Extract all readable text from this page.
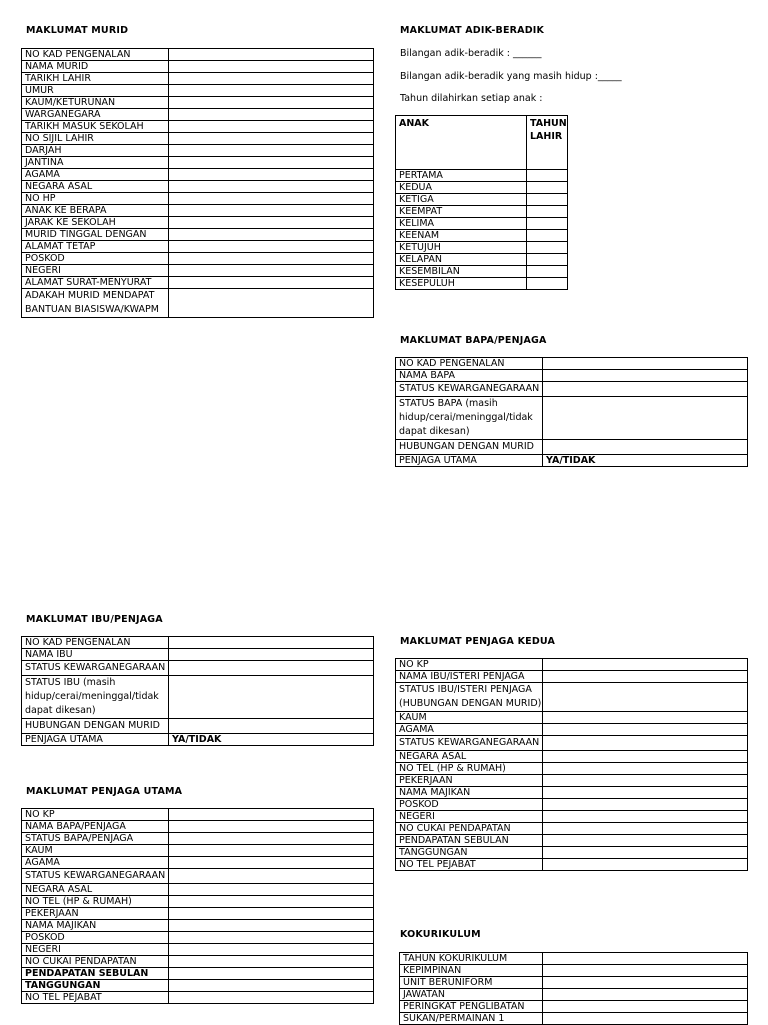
MAKLUMAT MURID
NO KAD PENGENALAN	
NAMA MURID	
TARIKH LAHIR	
UMUR	
KAUM/KETURUNAN	
WARGANEGARA	
TARIKH MASUK SEKOLAH	
NO SIJIL LAHIR	
DARJAH	
JANTINA	
AGAMA	
NEGARA ASAL	
NO HP	
ANAK KE BERAPA	
JARAK KE SEKOLAH	
MURID TINGGAL DENGAN	
ALAMAT TETAP	
POSKOD	
NEGERI	
ALAMAT SURAT-MENYURAT	
ADAKAH MURID MENDAPAT BANTUAN BIASISWA/KWAPM	
MAKLUMAT ADIK-BERADIK

Bilangan adik-beradik : ______

Bilangan adik-beradik yang masih hidup :_____

Tahun dilahirkan setiap anak :

ANAK	TAHUN LAHIR
PERTAMA	
KEDUA	
KETIGA	
KEEMPAT	
KELIMA	
KEENAM	
KETUJUH	
KELAPAN	
KESEMBILAN	
KESEPULUH	
MAKLUMAT BAPA/PENJAGA
NO KAD PENGENALAN	
NAMA BAPA	
STATUS KEWARGANEGARAAN	
STATUS BAPA (masih hidup/cerai/meninggal/tidak dapat dikesan)	
HUBUNGAN DENGAN MURID	
PENJAGA UTAMA	YA/TIDAK
MAKLUMAT IBU/PENJAGA
NO KAD PENGENALAN	
NAMA IBU	
STATUS KEWARGANEGARAAN	
STATUS IBU (masih hidup/cerai/meninggal/tidak dapat dikesan)	
HUBUNGAN DENGAN MURID	
PENJAGA UTAMA	YA/TIDAK
MAKLUMAT PENJAGA UTAMA
NO KP	
NAMA BAPA/PENJAGA	
STATUS BAPA/PENJAGA	
KAUM	
AGAMA	
STATUS KEWARGANEGARAAN	
NEGARA ASAL	
NO TEL (HP & RUMAH)	
PEKERJAAN	
NAMA MAJIKAN	
POSKOD	
NEGERI	
NO CUKAI PENDAPATAN	
PENDAPATAN SEBULAN	
TANGGUNGAN	
NO TEL PEJABAT	
MAKLUMAT PENJAGA KEDUA
NO KP	
NAMA IBU/ISTERI PENJAGA	
STATUS IBU/ISTERI PENJAGA (HUBUNGAN DENGAN MURID)	
KAUM	
AGAMA	
STATUS KEWARGANEGARAAN	
NEGARA ASAL	
NO TEL (HP & RUMAH)	
PEKERJAAN	
NAMA MAJIKAN	
POSKOD	
NEGERI	
NO CUKAI PENDAPATAN	
PENDAPATAN SEBULAN	
TANGGUNGAN	
NO TEL PEJABAT	
KOKURIKULUM
TAHUN KOKURIKULUM	
KEPIMPINAN	
UNIT BERUNIFORM	
JAWATAN	
PERINGKAT PENGLIBATAN	
SUKAN/PERMAINAN 1	
